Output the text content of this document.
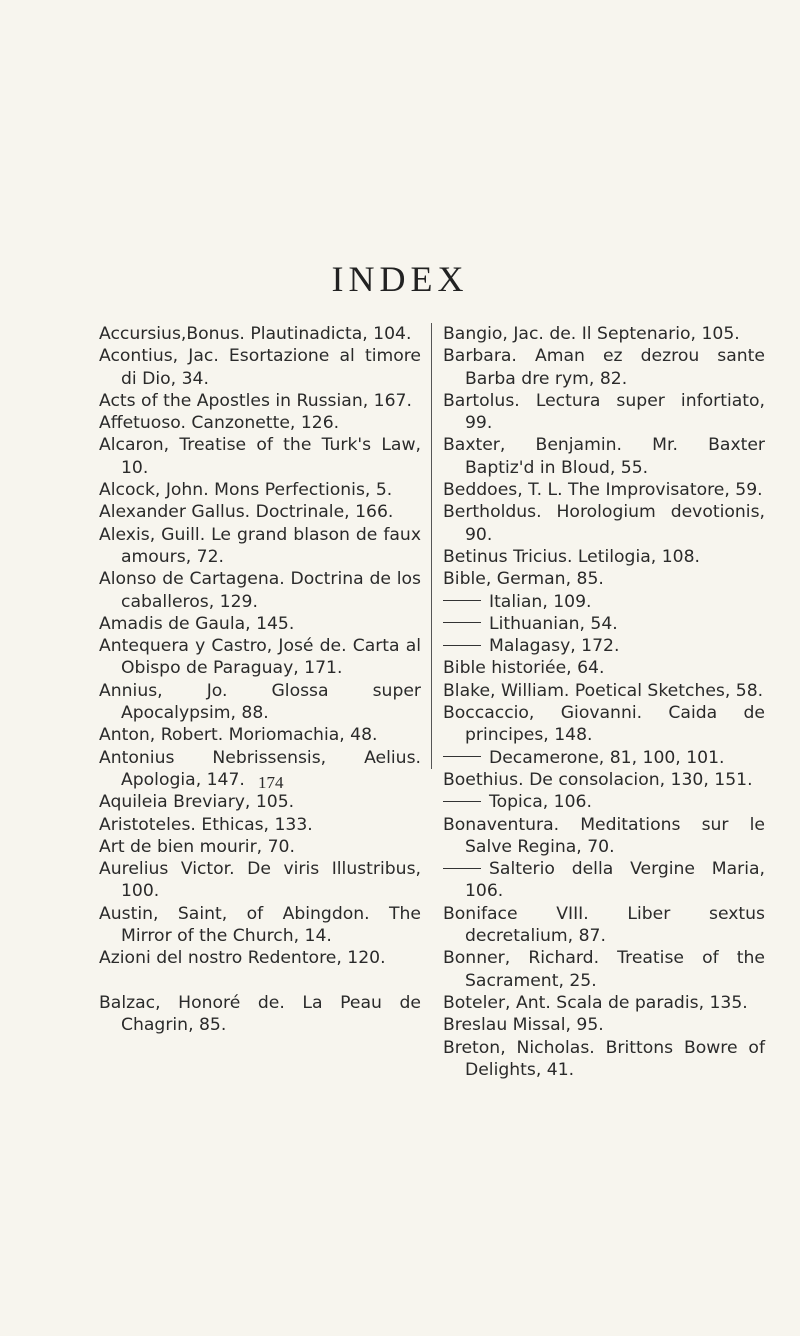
INDEX
Accursius,Bonus. Plautinadicta, 104.
Acontius, Jac. Esortazione al timore di Dio, 34.
Acts of the Apostles in Russian, 167.
Affetuoso. Canzonette, 126.
Alcaron, Treatise of the Turk's Law, 10.
Alcock, John. Mons Perfectionis, 5.
Alexander Gallus. Doctrinale, 166.
Alexis, Guill. Le grand blason de faux amours, 72.
Alonso de Cartagena. Doctrina de los caballeros, 129.
Amadis de Gaula, 145.
Antequera y Castro, José de. Carta al Obispo de Paraguay, 171.
Annius, Jo. Glossa super Apocalypsim, 88.
Anton, Robert. Moriomachia, 48.
Antonius Nebrissensis, Aelius. Apologia, 147.
Aquileia Breviary, 105.
Aristoteles. Ethicas, 133.
Art de bien mourir, 70.
Aurelius Victor. De viris Illustribus, 100.
Austin, Saint, of Abingdon. The Mirror of the Church, 14.
Azioni del nostro Redentore, 120.
Balzac, Honoré de. La Peau de Chagrin, 85.
Bangio, Jac. de. Il Septenario, 105.
Barbara. Aman ez dezrou sante Barba dre rym, 82.
Bartolus. Lectura super infortiato, 99.
Baxter, Benjamin. Mr. Baxter Baptiz'd in Bloud, 55.
Beddoes, T. L. The Improvisatore, 59.
Bertholdus. Horologium devotionis, 90.
Betinus Tricius. Letilogia, 108.
Bible, German, 85.
Italian, 109.
Lithuanian, 54.
Malagasy, 172.
Bible historiée, 64.
Blake, William. Poetical Sketches, 58.
Boccaccio, Giovanni. Caida de principes, 148.
Decamerone, 81, 100, 101.
Boethius. De consolacion, 130, 151.
Topica, 106.
Bonaventura. Meditations sur le Salve Regina, 70.
Salterio della Vergine Maria, 106.
Boniface VIII. Liber sextus decretalium, 87.
Bonner, Richard. Treatise of the Sacrament, 25.
Boteler, Ant. Scala de paradis, 135.
Breslau Missal, 95.
Breton, Nicholas. Brittons Bowre of Delights, 41.
174
